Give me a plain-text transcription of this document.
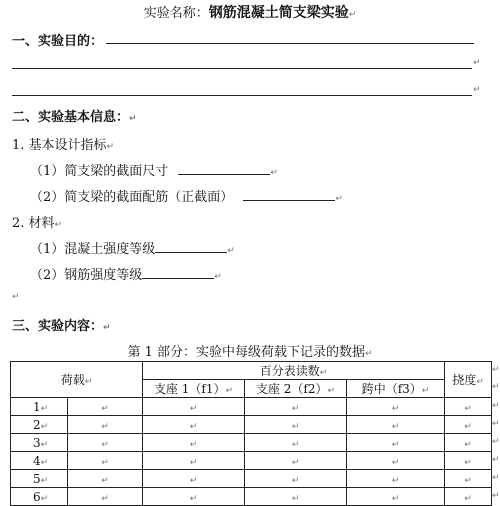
实验名称：钢筋混凝土简支梁实验↵
一、实验目的：
↵
↵
二、实验基本信息：↵
1. 基本设计指标↵
（1）简支梁的截面尺寸	↵
（2）简支梁的截面配筋（正截面）	↵
2. 材料↵
（1）混凝土强度等级	↵
（2）钢筋强度等级	↵
↵
三、实验内容：↵
第 1 部分：实验中每级荷载下记录的数据↵
荷载↵		百分表读数↵			挠度↵
		支座 1（f1）↵	支座 2（f2）↵	跨中（f3）↵	
1↵	↵	↵	↵	↵	↵
2↵	↵	↵	↵	↵	↵
3↵	↵	↵	↵	↵	↵
4↵	↵	↵	↵	↵	↵
5↵	↵	↵	↵	↵	↵
6↵	↵	↵	↵	↵	↵
↵
↵
↵
↵
↵
↵
↵
↵
